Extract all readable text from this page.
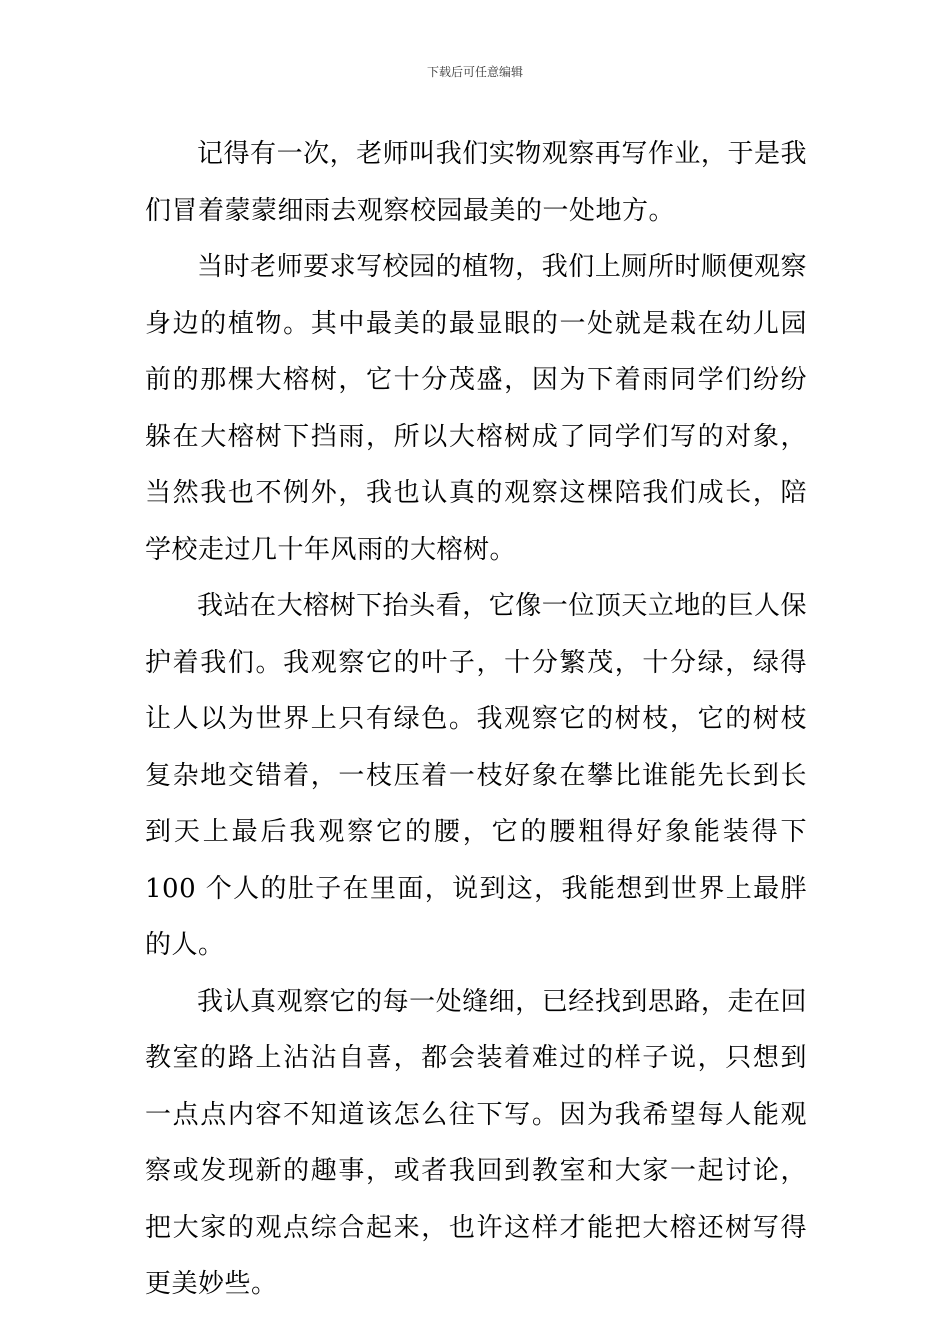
下载后可任意编辑

记得有一次，老师叫我们实物观察再写作业，于是我们冒着蒙蒙细雨去观察校园最美的一处地方。

当时老师要求写校园的植物，我们上厕所时顺便观察身边的植物。其中最美的最显眼的一处就是栽在幼儿园前的那棵大榕树，它十分茂盛，因为下着雨同学们纷纷躲在大榕树下挡雨，所以大榕树成了同学们写的对象，当然我也不例外，我也认真的观察这棵陪我们成长，陪学校走过几十年风雨的大榕树。

我站在大榕树下抬头看，它像一位顶天立地的巨人保护着我们。我观察它的叶子，十分繁茂，十分绿，绿得让人以为世界上只有绿色。我观察它的树枝，它的树枝复杂地交错着，一枝压着一枝好象在攀比谁能先长到长到天上最后我观察它的腰，它的腰粗得好象能装得下 100 个人的肚子在里面，说到这，我能想到世界上最胖的人。

我认真观察它的每一处缝细，已经找到思路，走在回教室的路上沾沾自喜，都会装着难过的样子说，只想到一点点内容不知道该怎么往下写。因为我希望每人能观察或发现新的趣事，或者我回到教室和大家一起讨论，把大家的观点综合起来，也许这样才能把大榕还树写得更美妙些。
